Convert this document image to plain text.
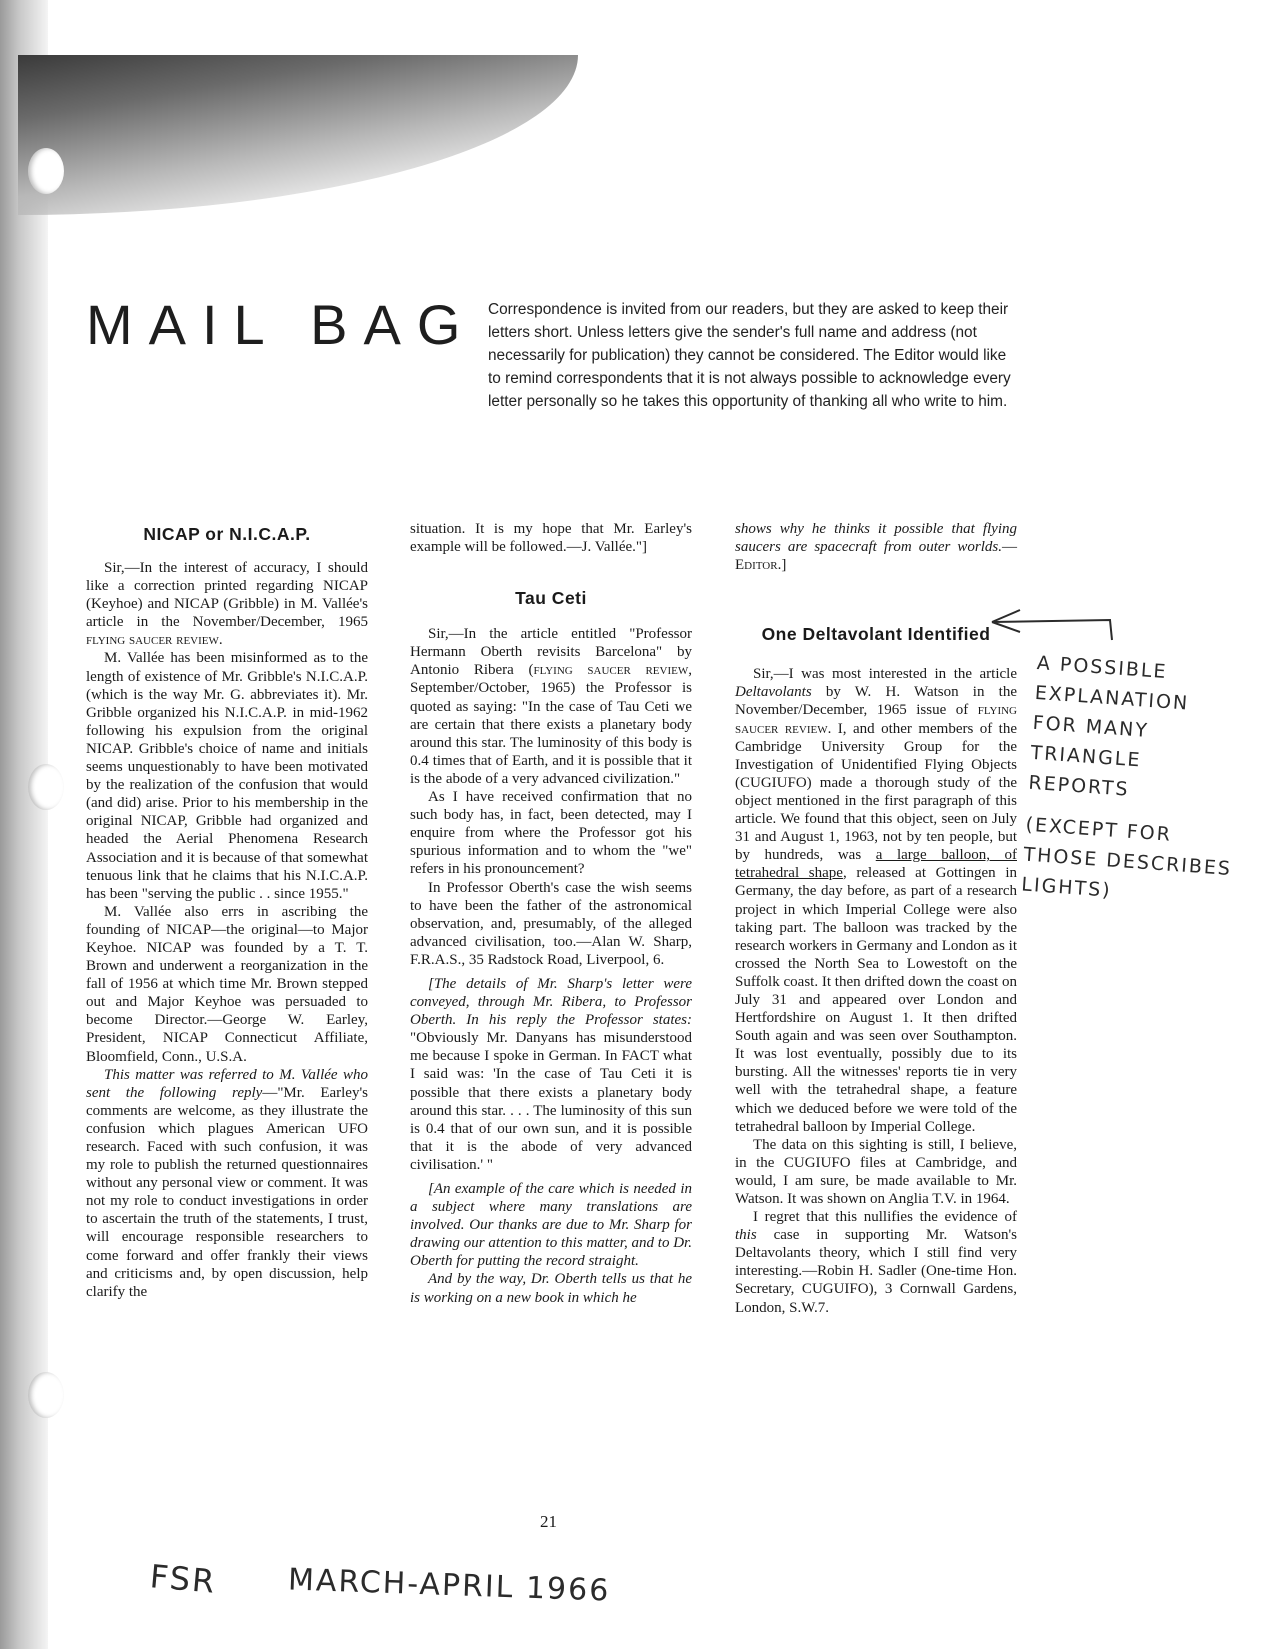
MAIL BAG Correspondence is invited from our readers, but they are asked to keep their letters short. Unless letters give the sender's full name and address (not necessarily for publication) they cannot be considered. The Editor would like to remind correspondents that it is not always possible to acknowledge every letter personally so he takes this opportunity of thanking all who write to him.

NICAP or N.I.C.A.P.

Sir,—In the interest of accuracy, I should like a correction printed regarding NICAP (Keyhoe) and NICAP (Gribble) in M. Vallée's article in the November/December, 1965 flying saucer review.

M. Vallée has been misinformed as to the length of existence of Mr. Gribble's N.I.C.A.P. (which is the way Mr. G. abbreviates it). Mr. Gribble organized his N.I.C.A.P. in mid-1962 following his expulsion from the original NICAP. Gribble's choice of name and initials seems unquestionably to have been motivated by the realization of the confusion that would (and did) arise. Prior to his membership in the original NICAP, Gribble had organized and headed the Aerial Phenomena Research Association and it is because of that somewhat tenuous link that he claims that his N.I.C.A.P. has been "serving the public . . since 1955."

M. Vallée also errs in ascribing the founding of NICAP—the original—to Major Keyhoe. NICAP was founded by a T. T. Brown and underwent a reorganization in the fall of 1956 at which time Mr. Brown stepped out and Major Keyhoe was persuaded to become Director.—George W. Earley, President, NICAP Connecticut Affiliate, Bloomfield, Conn., U.S.A.

This matter was referred to M. Vallée who sent the following reply—"Mr. Earley's comments are welcome, as they illustrate the confusion which plagues American UFO research. Faced with such confusion, it was my role to publish the returned questionnaires without any personal view or comment. It was not my role to conduct investigations in order to ascertain the truth of the statements, I trust, will encourage responsible researchers to come forward and offer frankly their views and criticisms and, by open discussion, help clarify the

situation. It is my hope that Mr. Earley's example will be followed.—J. Vallée."]

Tau Ceti

Sir,—In the article entitled "Professor Hermann Oberth revisits Barcelona" by Antonio Ribera (flying saucer review, September/October, 1965) the Professor is quoted as saying: "In the case of Tau Ceti we are certain that there exists a planetary body around this star. The luminosity of this body is 0.4 times that of Earth, and it is possible that it is the abode of a very advanced civilization."

As I have received confirmation that no such body has, in fact, been detected, may I enquire from where the Professor got his spurious information and to whom the "we" refers in his pronouncement?

In Professor Oberth's case the wish seems to have been the father of the astronomical observation, and, presumably, of the alleged advanced civilisation, too.—Alan W. Sharp, F.R.A.S., 35 Radstock Road, Liverpool, 6.

[The details of Mr. Sharp's letter were conveyed, through Mr. Ribera, to Professor Oberth. In his reply the Professor states: "Obviously Mr. Danyans has misunderstood me because I spoke in German. In FACT what I said was: 'In the case of Tau Ceti it is possible that there exists a planetary body around this star. . . . The luminosity of this sun is 0.4 that of our own sun, and it is possible that it is the abode of very advanced civilisation.' "

[An example of the care which is needed in a subject where many translations are involved. Our thanks are due to Mr. Sharp for drawing our attention to this matter, and to Dr. Oberth for putting the record straight.

And by the way, Dr. Oberth tells us that he is working on a new book in which he

shows why he thinks it possible that flying saucers are spacecraft from outer worlds.—Editor.]

One Deltavolant Identified

Sir,—I was most interested in the article Deltavolants by W. H. Watson in the November/December, 1965 issue of flying saucer review. I, and other members of the Cambridge University Group for the Investigation of Unidentified Flying Objects (CUGIUFO) made a thorough study of the object mentioned in the first paragraph of this article. We found that this object, seen on July 31 and August 1, 1963, not by ten people, but by hundreds, was a large balloon, of tetrahedral shape, released at Gottingen in Germany, the day before, as part of a research project in which Imperial College were also taking part. The balloon was tracked by the research workers in Germany and London as it crossed the North Sea to Lowestoft on the Suffolk coast. It then drifted down the coast on July 31 and appeared over London and Hertfordshire on August 1. It then drifted South again and was seen over Southampton. It was lost eventually, possibly due to its bursting. All the witnesses' reports tie in very well with the tetrahedral shape, a feature which we deduced before we were told of the tetrahedral balloon by Imperial College.

The data on this sighting is still, I believe, in the CUGIUFO files at Cambridge, and would, I am sure, be made available to Mr. Watson. It was shown on Anglia T.V. in 1964.

I regret that this nullifies the evidence of this case in supporting Mr. Watson's Deltavolants theory, which I still find very interesting.—Robin H. Sadler (One-time Hon. Secretary, CUGUIFO), 3 Cornwall Gardens, London, S.W.7.

21
A POSSIBLE
EXPLANATION
FOR MANY
TRIANGLE
REPORTS
(EXCEPT FOR
THOSE DESCRIBES
LIGHTS)
FSR MARCH-APRIL 1966
